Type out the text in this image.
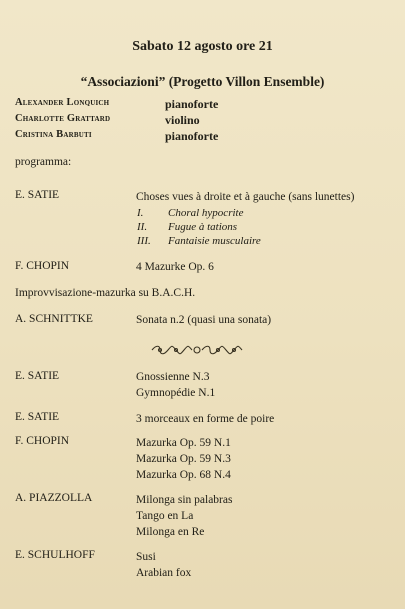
Sabato 12 agosto ore 21
“Associazioni” (Progetto Villon Ensemble)
Alexander Lonquich	pianoforte
Charlotte Grattard	violino
Cristina Barbuti	pianoforte
programma:
E. SATIE	Choses vues à droite et à gauche (sans lunettes)
I. Choral hypocrite
II. Fugue à tations
III. Fantaisie musculaire
F. CHOPIN	4 Mazurke Op. 6
Improvvisazione-mazurka su B.A.C.H.
A. SCHNITTKE	Sonata n.2 (quasi una sonata)
E. SATIE	Gnossienne N.3
Gymnopédie N.1
E. SATIE	3 morceaux en forme de poire
F. CHOPIN	Mazurka Op. 59 N.1
Mazurka Op. 59 N.3
Mazurka Op. 68 N.4
A. PIAZZOLLA	Milonga sin palabras
Tango en La
Milonga en Re
E. SCHULHOFF	Susi
Arabian fox
